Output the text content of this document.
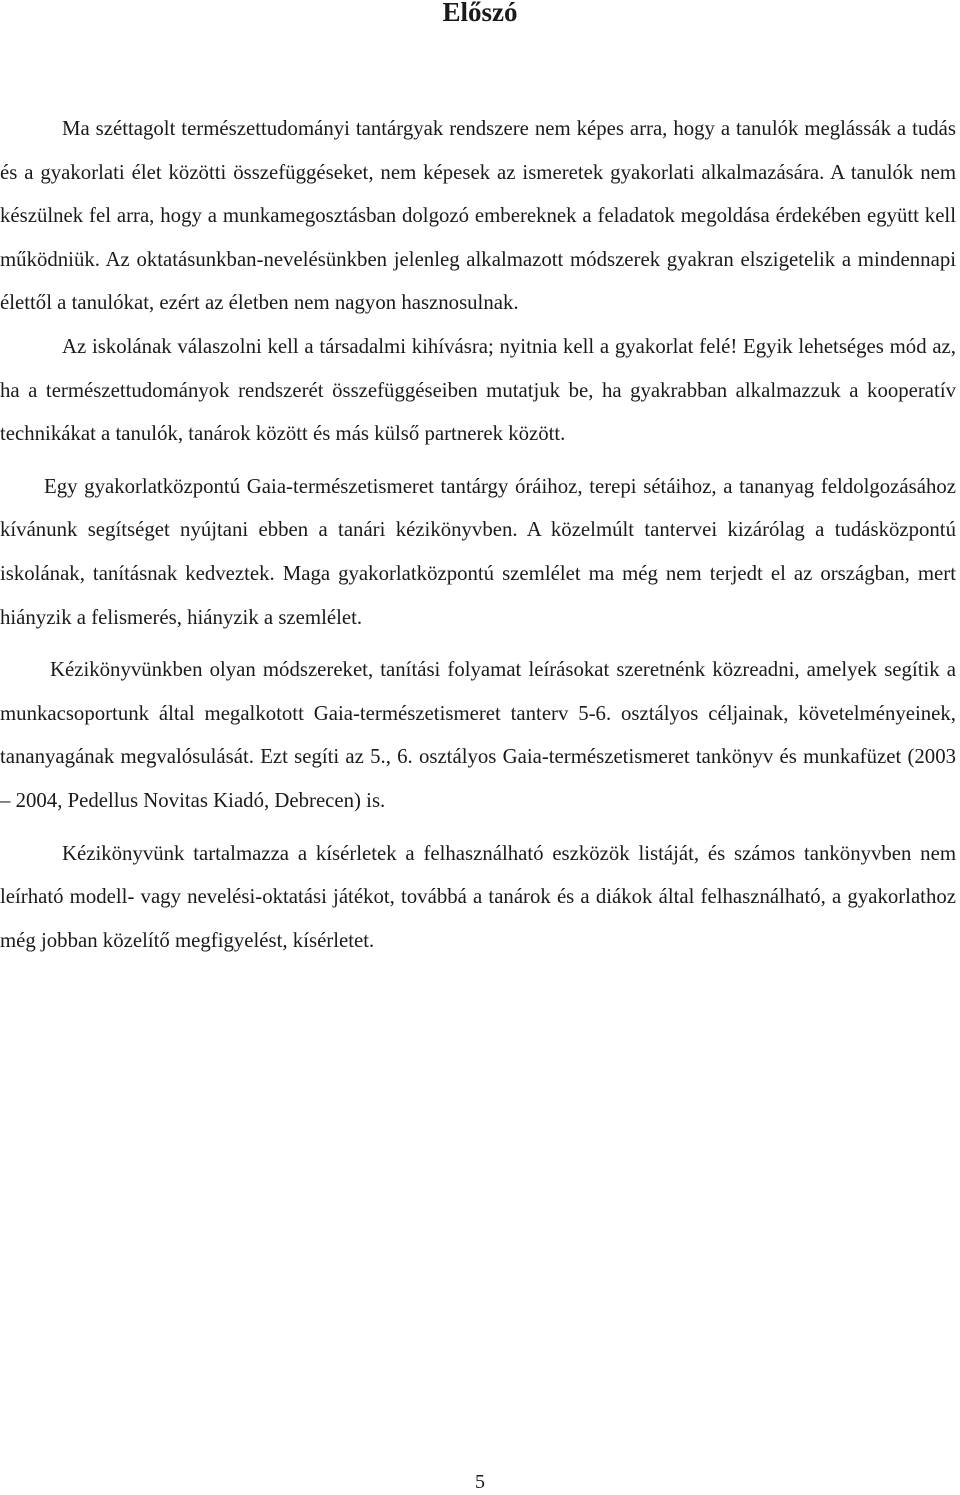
Előszó

Ma széttagolt természettudományi tantárgyak rendszere nem képes arra, hogy a tanulók meglássák a tudás és a gyakorlati élet közötti összefüggéseket, nem képesek az ismeretek gyakorlati alkalmazására. A tanulók nem készülnek fel arra, hogy a munkamegosztásban dolgozó embereknek a feladatok megoldása érdekében együtt kell működniük. Az oktatásunkban-nevelésünkben jelenleg alkalmazott módszerek gyakran elszigetelik a mindennapi élettől a tanulókat, ezért az életben nem nagyon hasznosulnak.

Az iskolának válaszolni kell a társadalmi kihívásra; nyitnia kell a gyakorlat felé! Egyik lehetséges mód az, ha a természettudományok rendszerét összefüggéseiben mutatjuk be, ha gyakrabban alkalmazzuk a kooperatív technikákat a tanulók, tanárok között és más külső partnerek között.

Egy gyakorlatközpontú Gaia-természetismeret tantárgy óráihoz, terepi sétáihoz, a tananyag feldolgozásához kívánunk segítséget nyújtani ebben a tanári kézikönyvben. A közelmúlt tantervei kizárólag a tudásközpontú iskolának, tanításnak kedveztek. Maga gyakorlatközpontú szemlélet ma még nem terjedt el az országban, mert hiányzik a felismerés, hiányzik a szemlélet.

Kézikönyvünkben olyan módszereket, tanítási folyamat leírásokat szeretnénk közreadni, amelyek segítik a munkacsoportunk által megalkotott Gaia-természetismeret tanterv 5-6. osztályos céljainak, követelményeinek, tananyagának megvalósulását. Ezt segíti az 5., 6. osztályos Gaia-természetismeret tankönyv és munkafüzet (2003 – 2004, Pedellus Novitas Kiadó, Debrecen) is.

Kézikönyvünk tartalmazza a kísérletek a felhasználható eszközök listáját, és számos tankönyvben nem leírható modell- vagy nevelési-oktatási játékot, továbbá a tanárok és a diákok által felhasználható, a gyakorlathoz még jobban közelítő megfigyelést, kísérletet.

5
